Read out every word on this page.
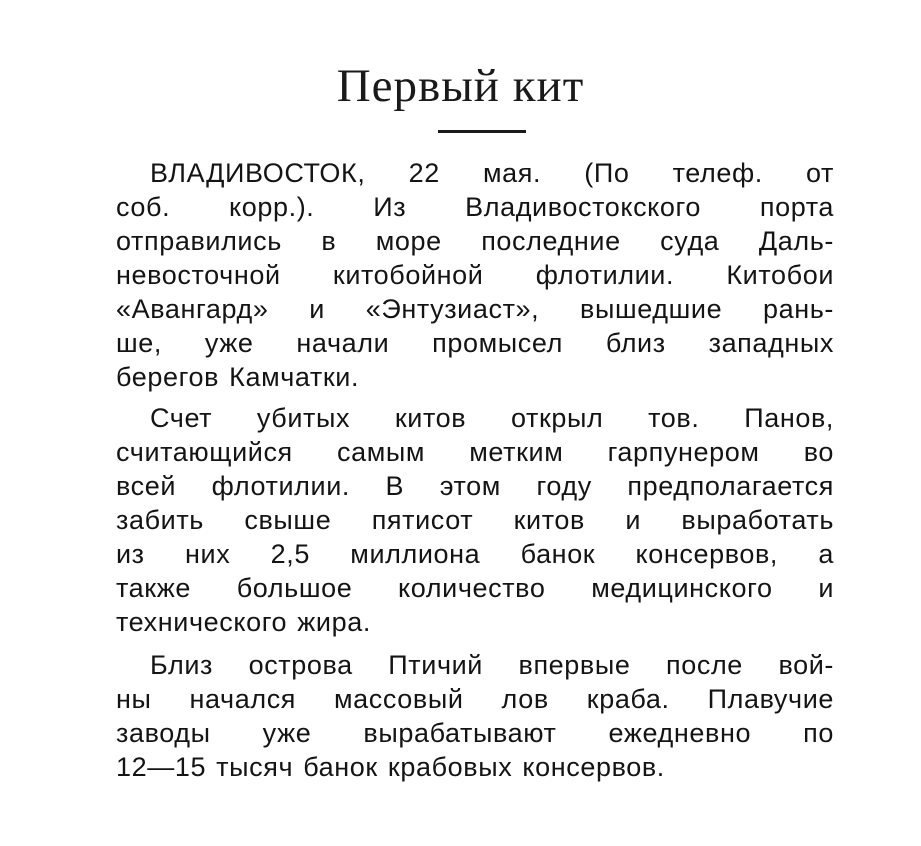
Первый кит
ВЛАДИВОСТОК, 22 мая. (По телеф. от
соб. корр.). Из Владивостокского порта
отправились в море последние суда Даль-
невосточной китобойной флотилии. Китобои
«Авангард» и «Энтузиаст», вышедшие рань-
ше, уже начали промысел близ западных
берегов Камчатки.
Счет убитых китов открыл тов. Панов,
считающийся самым метким гарпунером во
всей флотилии. В этом году предполагается
забить свыше пятисот китов и выработать
из них 2,5 миллиона банок консервов, а
также большое количество медицинского и
технического жира.
Близ острова Птичий впервые после вой-
ны начался массовый лов краба. Плавучие
заводы уже вырабатывают ежедневно по
12—15 тысяч банок крабовых консервов.
